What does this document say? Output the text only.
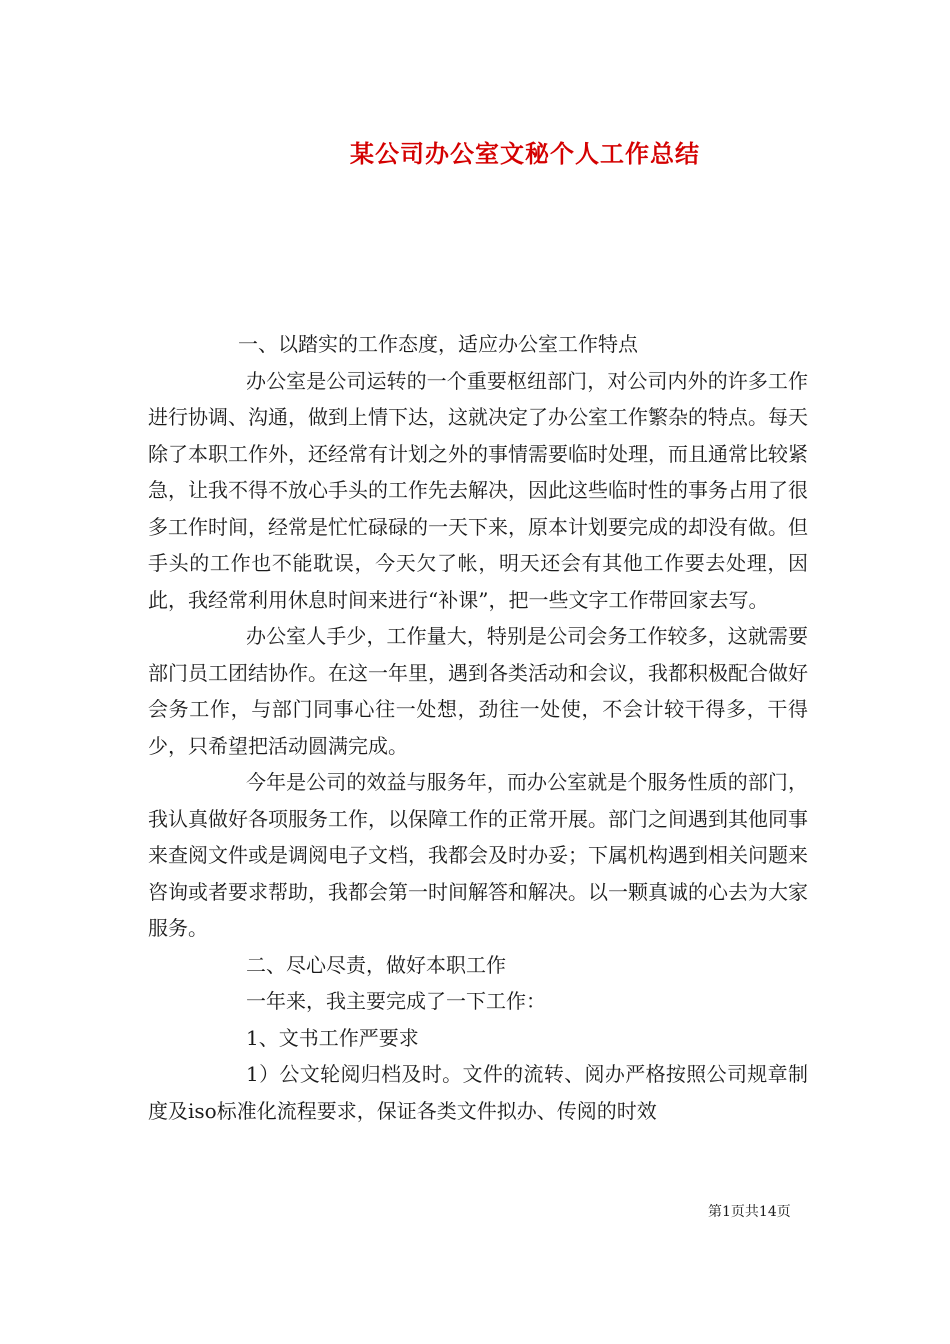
某公司办公室文秘个人工作总结

一、以踏实的工作态度，适应办公室工作特点

办公室是公司运转的一个重要枢纽部门，对公司内外的许多工作进行协调、沟通，做到上情下达，这就决定了办公室工作繁杂的特点。每天除了本职工作外，还经常有计划之外的事情需要临时处理，而且通常比较紧急，让我不得不放心手头的工作先去解决，因此这些临时性的事务占用了很多工作时间，经常是忙忙碌碌的一天下来，原本计划要完成的却没有做。但手头的工作也不能耽误，今天欠了帐，明天还会有其他工作要去处理，因此，我经常利用休息时间来进行“补课”，把一些文字工作带回家去写。

办公室人手少，工作量大，特别是公司会务工作较多，这就需要部门员工团结协作。在这一年里，遇到各类活动和会议，我都积极配合做好会务工作，与部门同事心往一处想，劲往一处使，不会计较干得多，干得少，只希望把活动圆满完成。

今年是公司的效益与服务年，而办公室就是个服务性质的部门，我认真做好各项服务工作，以保障工作的正常开展。部门之间遇到其他同事来查阅文件或是调阅电子文档，我都会及时办妥；下属机构遇到相关问题来咨询或者要求帮助，我都会第一时间解答和解决。以一颗真诚的心去为大家服务。

二、尽心尽责，做好本职工作

一年来，我主要完成了一下工作：

1、文书工作严要求

1）公文轮阅归档及时。文件的流转、阅办严格按照公司规章制度及iso标准化流程要求，保证各类文件拟办、传阅的时效

第1页共14页
